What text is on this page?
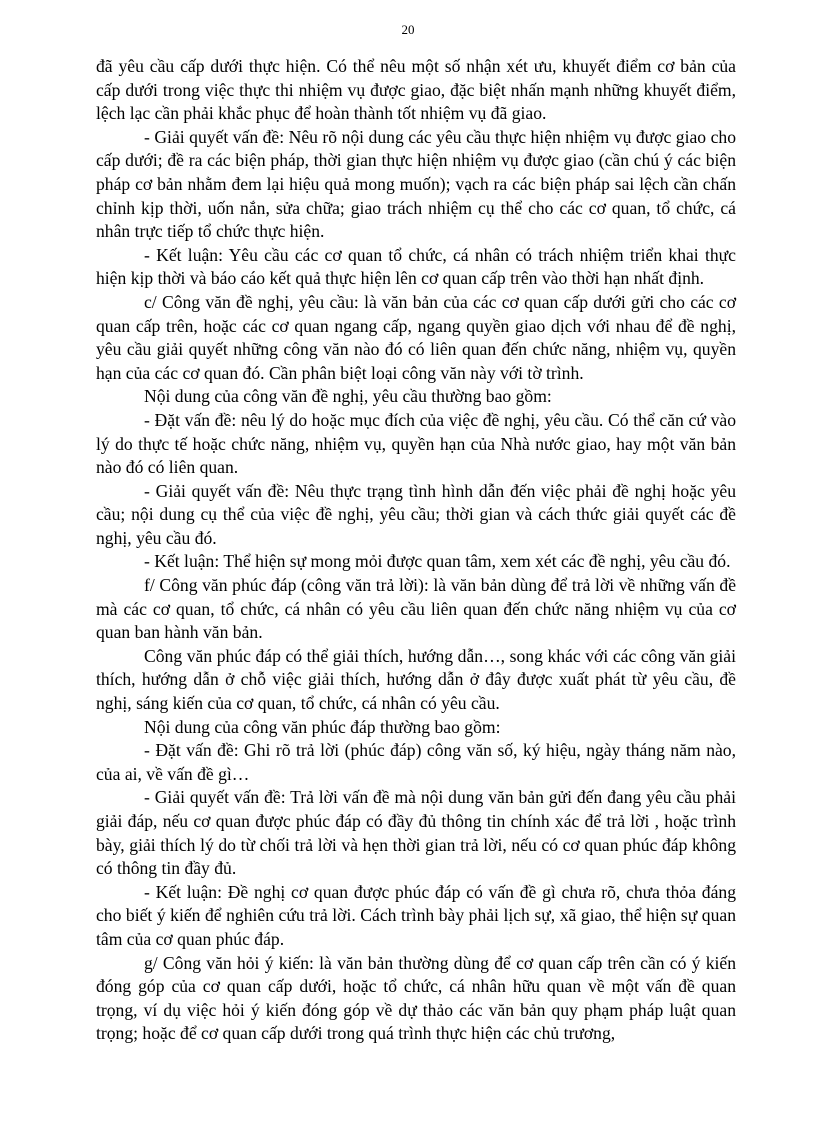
20

đã yêu cầu cấp dưới thực hiện. Có thể nêu một số nhận xét ưu, khuyết điểm cơ bản của cấp dưới trong việc thực thi nhiệm vụ được giao, đặc biệt nhấn mạnh những khuyết điểm, lệch lạc cần phải khắc phục để hoàn thành tốt nhiệm vụ đã giao.

- Giải quyết vấn đề: Nêu rõ nội dung các yêu cầu thực hiện nhiệm vụ được giao cho cấp dưới; đề ra các biện pháp, thời gian thực hiện nhiệm vụ được giao (cần chú ý các biện pháp cơ bản nhằm đem lại hiệu quả mong muốn); vạch ra các biện pháp sai lệch cần chấn chỉnh kịp thời, uốn nắn, sửa chữa; giao trách nhiệm cụ thể cho các cơ quan, tổ chức, cá nhân trực tiếp tổ chức thực hiện.

- Kết luận: Yêu cầu các cơ quan tổ chức, cá nhân có trách nhiệm triển khai thực hiện kịp thời và báo cáo kết quả thực hiện lên cơ quan cấp trên vào thời hạn nhất định.

c/ Công văn đề nghị, yêu cầu: là văn bản của các cơ quan cấp dưới gửi cho các cơ quan cấp trên, hoặc các cơ quan ngang cấp, ngang quyền giao dịch với nhau để đề nghị, yêu cầu giải quyết những công văn nào đó có liên quan đến chức năng, nhiệm vụ, quyền hạn của các cơ quan đó. Cần phân biệt loại công văn này với tờ trình.

Nội dung của công văn đề nghị, yêu cầu thường bao gồm:

- Đặt vấn đề: nêu lý do hoặc mục đích của việc đề nghị, yêu cầu. Có thể căn cứ vào lý do thực tế hoặc chức năng, nhiệm vụ, quyền hạn của Nhà nước giao, hay một văn bản nào đó có liên quan.

- Giải quyết vấn đề: Nêu thực trạng tình hình dẫn đến việc phải đề nghị hoặc yêu cầu; nội dung cụ thể của việc đề nghị, yêu cầu; thời gian và cách thức giải quyết các đề nghị, yêu cầu đó.

- Kết luận: Thể hiện sự mong mỏi được quan tâm, xem xét các đề nghị, yêu cầu đó.

f/ Công văn phúc đáp (công văn trả lời): là văn bản dùng để trả lời về những vấn đề mà các cơ quan, tổ chức, cá nhân có yêu cầu liên quan đến chức năng nhiệm vụ của cơ quan ban hành văn bản.

Công văn phúc đáp có thể giải thích, hướng dẫn…, song khác với các công văn giải thích, hướng dẫn ở chỗ việc giải thích, hướng dẫn ở đây được xuất phát từ yêu cầu, đề nghị, sáng kiến của cơ quan, tổ chức, cá nhân có yêu cầu.

Nội dung của công văn phúc đáp thường bao gồm:

- Đặt vấn đề: Ghi rõ trả lời (phúc đáp) công văn số, ký hiệu, ngày tháng năm nào, của ai, về vấn đề gì…

- Giải quyết vấn đề: Trả lời vấn đề mà nội dung văn bản gửi đến đang yêu cầu phải giải đáp, nếu cơ quan được phúc đáp có đầy đủ thông tin chính xác để trả lời , hoặc trình bày, giải thích lý do từ chối trả lời và hẹn thời gian trả lời, nếu có cơ quan phúc đáp không có thông tin đầy đủ.

- Kết luận: Đề nghị cơ quan được phúc đáp có vấn đề gì chưa rõ, chưa thỏa đáng cho biết ý kiến để nghiên cứu trả lời. Cách trình bày phải lịch sự, xã giao, thể hiện sự quan tâm của cơ quan phúc đáp.

g/ Công văn hỏi ý kiến: là văn bản thường dùng để cơ quan cấp trên cần có ý kiến đóng góp của cơ quan cấp dưới, hoặc tổ chức, cá nhân hữu quan về một vấn đề quan trọng, ví dụ việc hỏi ý kiến đóng góp về dự thảo các văn bản quy phạm pháp luật quan trọng; hoặc để cơ quan cấp dưới trong quá trình thực hiện các chủ trương,
